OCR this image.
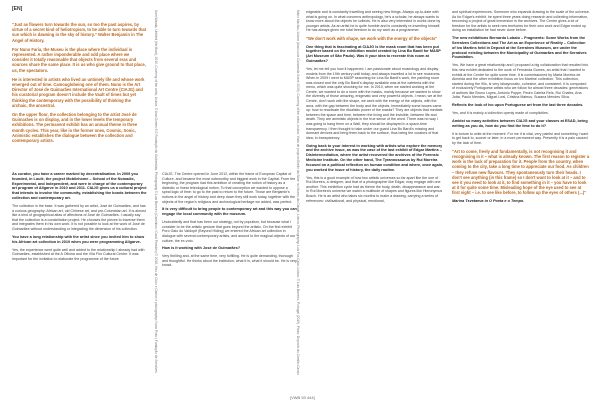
[EN]

"Just as flowers turn towards the sun, so too the past aspires, by virtue of a secret kind of heliotropism, to be able to turn towards that sun which is dawning in the sky of history." Walter Benjamin in The Angel of History.

For Nuno Faria, the Museu is the place where the individual is represented. A rather imponderable and odd place where we consider it totally reasonable that objects from several eras and sources share the same place. It is us who give ground to that place, us, the spectators.

He is interested in artists who lived an untimely life and whose work emerged out of time. Camouglobeing one of them. Nuno is the Art Director of José de Guimarães International Art Centre (CIAJG) and his curatorial program doesn't include the Vault of times but yet thinking the contemporary with the possibility of thinking the archaic, the ancestral.

On the upper floor, the collection belonging to the artist José de Guimarães is on display, and in the lower levels the temporary exhibitions. The permanent exhibit has an annual theme in three month cycles. This year, like in the former ones, Cosmic, Sonic, Animistic establishes the dialogue between the collection and contemporary artists.

As curator, you have a career marked by decentralisation. In 2009 you founded, in Loulé, the project Mobilehome – School of the Nomadic, Experimental, and Independent, and were in charge of the contemporary art program of Allgarve in 2010 and 2011. CIAJG gives us a cultural project that intends to involve the community, establishing the bonds between the collection and contemporary art.

The collection is the base. It was gathered by an artist, José de Guimarães, and has a curious geography: African art, old Chinese art, and pre-Columbian art. It is almost like a kind of geographical atlas of affections of José de Guimarães. I usually say that the collection is a constellation project. He chooses the pieces to traverse them and integrates them in his own work. It is not possible to look at the work of José de Guimarães without understanding or integrating the dimension of his collection.

You have a long relationship with the artist since you invited him to show his African art collection in 2010 when you were programming Allgarve.

Yes, the experience went quite well and added to the relationship I already had with Guimarães, established at the A Oficina and the Vila Flor Cultural Centre. It was important for the invitation to elaborate the programme of the future	Sam Wanda, Untitled (the Boat), 2019. Courtesy of the artist, Lisbon. © Ana Gomes 6 © Fundação do Gulbenkian. Photography © Luís Barreiro (Caminhos / Cauã Paredes) © 2018, Viso de Cubo e Cantos e photography: Nuno Pinto | Fundação de Serralves	Mário Macilau, Lisbon (Ana Lucia Ciaramella Sobré 2019). Courtesy of the artist, Lisbon. Vista de projecto Emilie da Silva: no Museu da Cidade, Lisbon. Photography: Luis Fox Catar. Lisboa. © Luís Barreiro, Portugal (2019). Photo: Deposito do Camillo Cassio

CIAJG. The Centre opened in June 2012, within the frame of European Capital of Culture, and became the most noteworthy and biggest work in the Capital. From the beginning, the program had this ambition of creating the notion of history as a dialectic or linear teleological notion. To that conception we wanted to oppose a spiral logic of time: to go to the past to return to the future. Those are Benjamin's notions in the angel of history and deep down they still work today, together with the objects of the region's religious and archeological heritage we added, was perfect.

It is very difficult to bring people to contemporary art and this way you can engage the local community with the museum.

Undoubtedly and that has been our strategy, not by populism, but because what I consider to be the artistic gesture that goes beyond the artistic. On the first exhibit Poro Gaio do Valdopê (Beyond Hiding) we entered the African art collection in dialogue with several contemporary artists, and around to the magical objects of our culture, the ex-voto.

How is it working with José de Guimarães?

Very thrilling and, at the same time, very fulfilling. He is quite demanding, thorough and thoughtful. He thinks about the institution, what it is, what it should be. He is very knowl-

edgeable and is constantly travelling and seeing new things. Always up-to-date with what is going on. In what concerns anthropology, he's a scholar, he always wants to know more about the objects he collects. He is also very interested in works done by younger artists. As an artist he is quite humble and is constantly re-inventing himself. He has always given me total freedom to do my work as a programmer.

"We don't work with shape, we work with the energy of the objects"

One thing that is fascinating at CIAJG is the mask room that has been put together based on the exhibition model created by Lina Bo Bardi for MASP (Art Museum of São Paulo). Was it your idea to recreate this room at Guimarães?

Yes, let me tell you how it happened. I am passionate about museology and display models from the 19th century until today, and always travelled a lot to see museums. When in 2009 I went to MASP searching for Lina Bo Bardi's work, the painting room was closed and the only Bo Bardi's display available was at the cafeteria with the menu, which was quite shocking for me. In 2010, when we started working at the Centre, we wanted to do a room with the masks, mainly because we wanted to show the diversity of those amazing, enigmatic and very powerful objects. I mean, we at the Centre, don't work with the shape, we work with the energy of the objects, with the aura, with the gap between the body and the objects. Immediately some issues came up: how to reactivate the ritualistic power of the masks? They are objects that mediate between the space and time, between the living and the invisible, between life and death. They are animistic objects in the true sense of the word. There was no way I was going to hang them on a Wall, they should be displayed in a space-time transparency. I then thought to take under our guard Lina Bo Bardi's missing and dormant devices and bring them back to the surface, thus being the curators of that idea, in transparency.

Going back to your interest in working with artists who explore the memory and the archive issue, as was the case of the last exhibit of Edgar Martins – Disintermediation, where the artist recovered the archives of the Forensic Medicine Institute. On the other hand, The Tyrannosaurus by Rui Moreira focused on a political reflection on human condition and where, once again, you worked the issue of history, the daily routine.

Yes, this is a good example of how two artistic universes so far apart like the one of Rui Moreira, a designer, and that of a photographer like Edgar, may engage with one another. This exhibition cycle had as theme the body, death, disappearance and war. In Rui Moreira's universe we watch a multitude of shapes and figures like Hieronymus Bosch. He is an artist who takes six months to make a drawing, carrying a series of references: civilisational, and physical, emotional,

and spiritual experiences. Someone who expands drawing to the scale of the universe. As for Edgar's exhibit, he spent three years doing research and collecting information, becoming a project of great immersion in the archives. The Centre gives a lot of freedom for the artists to seek new territories for their own work and Edgar ended up doing an installation he had never done before.

The new exhibitions Bernardo Lobato – Fragments: Some Works from the Serralves Collections and The Art as an Experience of Reality – Collection of Ivo Martins held in Deposit at the Serralves Museum, are under the protocol existing between the Municipality of Guimarães and the Serralves Foundation.

Yes. We have a great relationship and I proposed a big collaboration that resulted into this new exhibit dedicated to the work of Fernanda Gomes, an artist that I wanted to exhibit at the Centre for quite some time. It is commissioned by Marta Moreira de Almeida and the other exhibition focus on Ivo Martins' collection. This collection, started during the 90s, is very idiosyncratic, cohesive, and consistent. It is composed of exclusively Portuguese artists who we follow for almost three decades: generations of authors like Bruno Lopes, António Poppe, Pedro Cabrita Reis, Rui Chafes, Ana Jotta, Paulo Mendes, Miguel Leal, Cristina Mateus, Susana Mendes Silva.

Reflects the look of Ivo upon Portuguese art from the last three decades.

Yes, and it is mainly a collection openly made of complicities.

Amidst so many activities between CIAJG and your classes at ESAD, being writing as you do, how do you find the time to do it?

It is torture to write at the moment. For me it is vital, very painful and something I want to get back to, sooner or later, in a more permanent way. Presently it is a pain caused by the lack of time.

"Art to come, freely and fundamentally, is not recognising it and recognising in it – what is already known. The first reason to register a work is the lack of preparation for it. People from the country, when coming to the city, take a long time to appreciate our food. As children – they refuse new flavours. They spontaneously turn their heads. I don't see anything (in this frame) so I don't want to look at it – and to see it you need to look at it, to find something in it – you have to look at it for quite some time. Misleading hope of the eye used to see at first sight – i.e. to see like before, to follow up the eyes of others (...)"

Marina Tsvetaeva in O Poeta e o Tempo.

[VWB 93 444]
